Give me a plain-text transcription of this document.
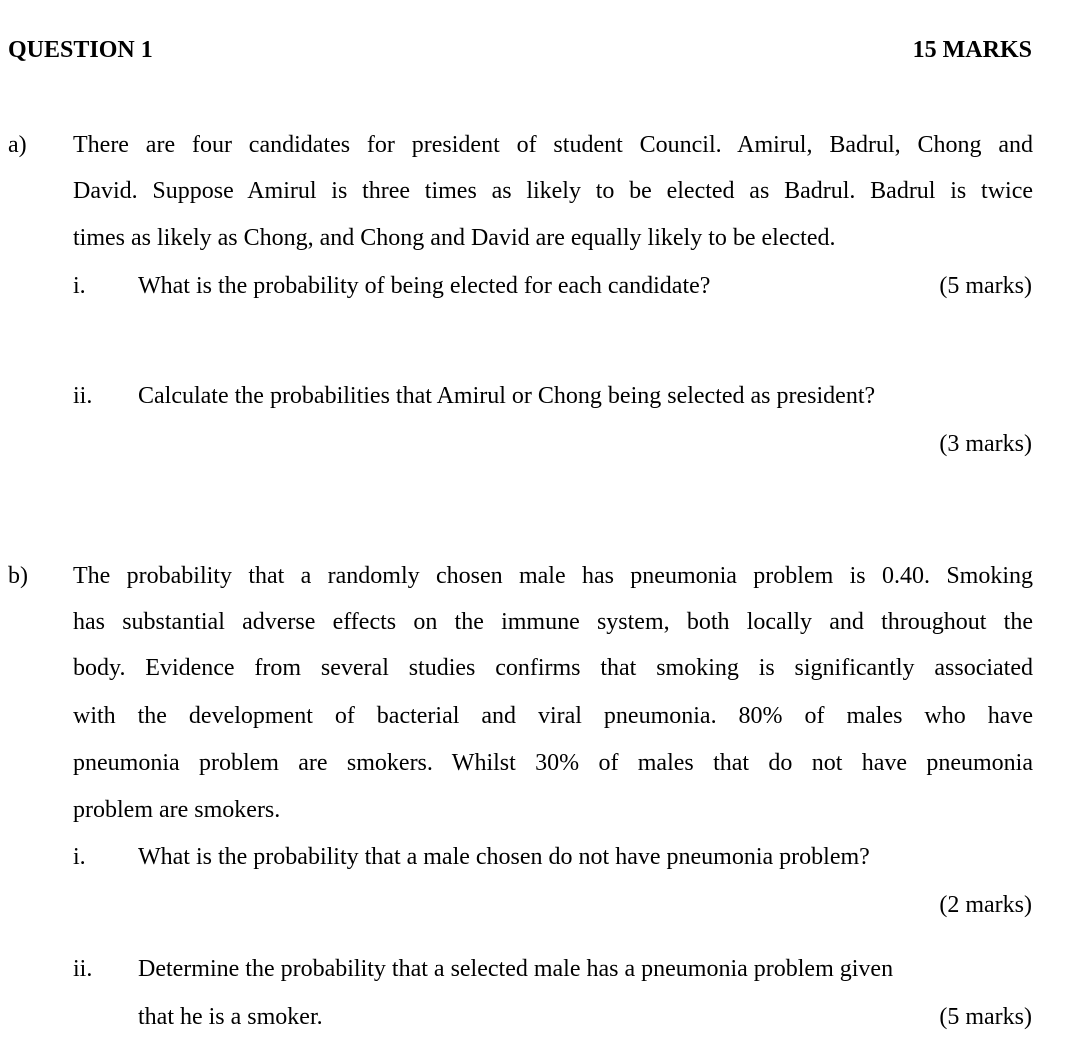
QUESTION 1	15 MARKS
a) There are four candidates for president of student Council. Amirul, Badrul, Chong and
David. Suppose Amirul is three times as likely to be elected as Badrul. Badrul is twice
times as likely as Chong, and Chong and David are equally likely to be elected.
i. What is the probability of being elected for each candidate?	(5 marks)
ii. Calculate the probabilities that Amirul or Chong being selected as president?
(3 marks)
b) The probability that a randomly chosen male has pneumonia problem is 0.40. Smoking
has substantial adverse effects on the immune system, both locally and throughout the
body. Evidence from several studies confirms that smoking is significantly associated
with the development of bacterial and viral pneumonia. 80% of males who have
pneumonia problem are smokers. Whilst 30% of males that do not have pneumonia
problem are smokers.
i. What is the probability that a male chosen do not have pneumonia problem?
(2 marks)
ii. Determine the probability that a selected male has a pneumonia problem given
that he is a smoker.	(5 marks)
